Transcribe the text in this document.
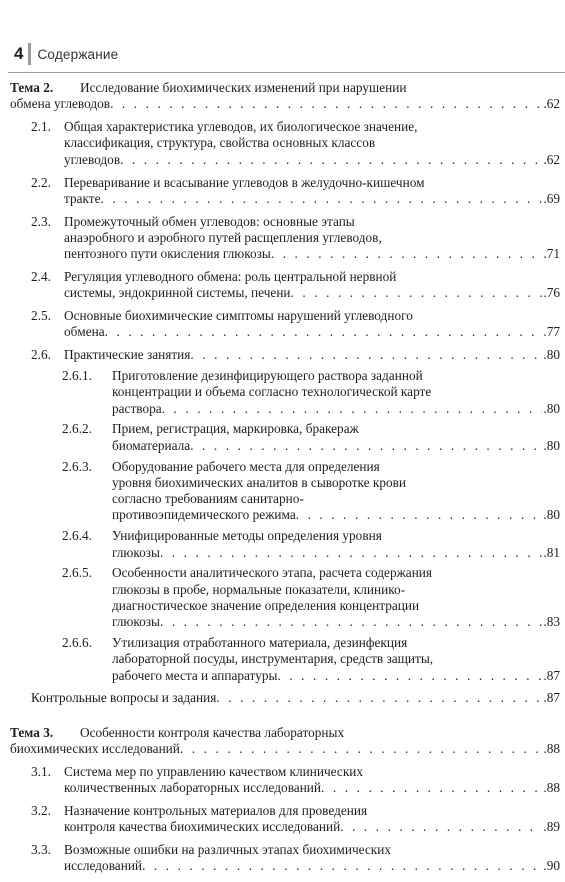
4 Содержание
Тема 2. Исследование биохимических изменений при нарушении
обмена углеводов . . .	.62
2.1. Общая характеристика углеводов, их биологическое значение,
классификация, структура, свойства основных классов
углеводов . . .	.62
2.2. Переваривание и всасывание углеводов в желудочно-кишечном
тракте . . .	.69
2.3. Промежуточный обмен углеводов: основные этапы
анаэробного и аэробного путей расщепления углеводов,
пентозного пути окисления глюкозы . . .	.71
2.4. Регуляция углеводного обмена: роль центральной нервной
системы, эндокринной системы, печени . . .	.76
2.5. Основные биохимические симптомы нарушений углеводного
обмена . . .	.77
2.6. Практические занятия . . .	.80
2.6.1. Приготовление дезинфицирующего раствора заданной
концентрации и объема согласно технологической карте
раствора . . .	.80
2.6.2. Прием, регистрация, маркировка, бракераж
биоматериала . . .	.80
2.6.3. Оборудование рабочего места для определения
уровня биохимических аналитов в сыворотке крови
согласно требованиям санитарно-
противоэпидемического режима . . .	.80
2.6.4. Унифицированные методы определения уровня
глюкозы . . .	.81
2.6.5. Особенности аналитического этапа, расчета содержания
глюкозы в пробе, нормальные показатели, клинико-
диагностическое значение определения концентрации
глюкозы . . .	.83
2.6.6. Утилизация отработанного материала, дезинфекция
лабораторной посуды, инструментария, средств защиты,
рабочего места и аппаратуры . . .	.87
Контрольные вопросы и задания . . .	.87
Тема 3. Особенности контроля качества лабораторных
биохимических исследований . . .	.88
3.1. Система мер по управлению качеством клинических
количественных лабораторных исследований . . .	.88
3.2. Назначение контрольных материалов для проведения
контроля качества биохимических исследований . . .	.89
3.3. Возможные ошибки на различных этапах биохимических
исследований . . .	.90
